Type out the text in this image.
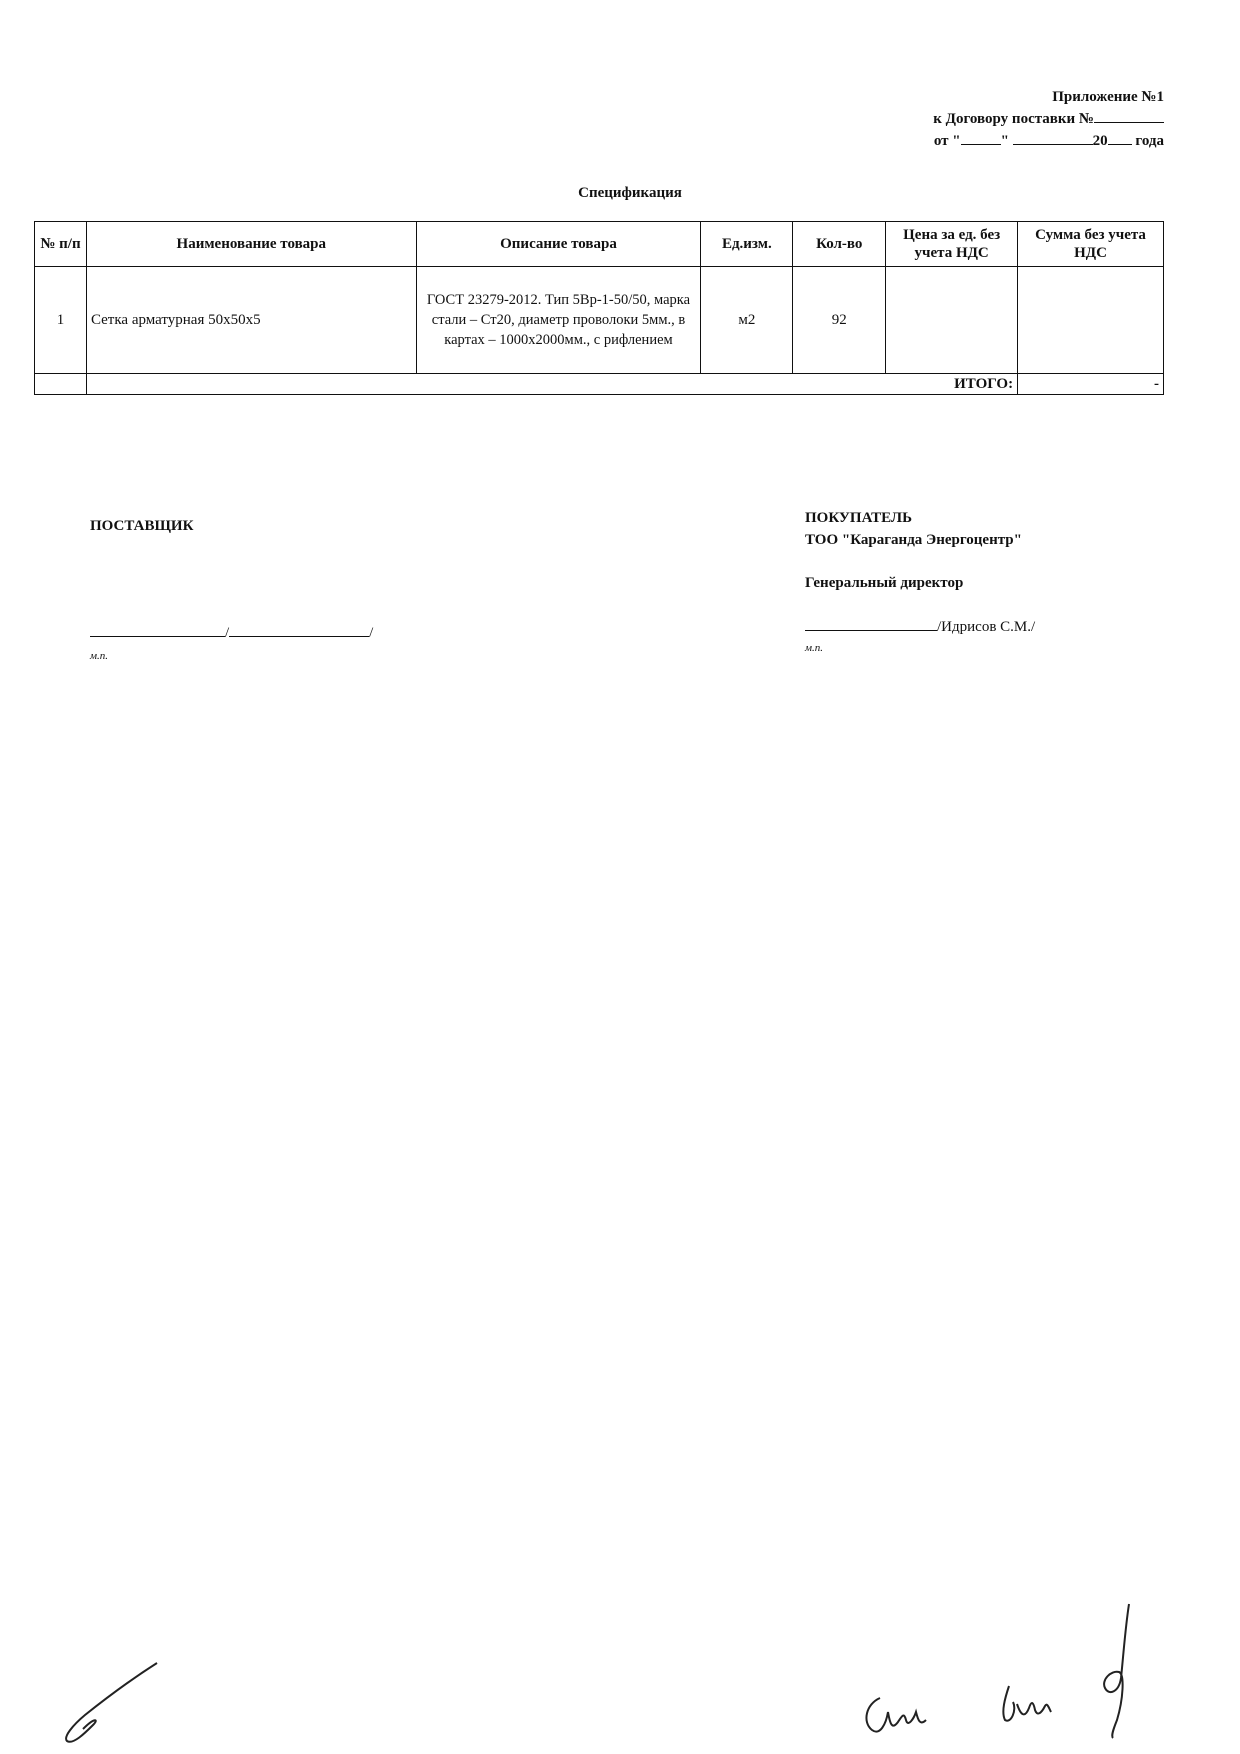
Приложение №1
к Договору поставки №
от "	"	20 года
Спецификация
№ п/п	Наименование товара	Описание товара	Ед.изм.	Кол-во	Цена за ед. без учета НДС	Сумма без учета НДС
1	Сетка арматурная 50х50х5	ГОСТ 23279-2012. Тип 5Вр-1-50/50, марка стали – Ст20, диаметр проволоки 5мм., в картах – 1000х2000мм., с рифлением	м2	92		
	ИТОГО:					-
ПОСТАВЩИК
/	/
м.п.
ПОКУПАТЕЛЬ
ТОО "Караганда Энергоцентр"
Генеральный директор
/Идрисов С.М./
м.п.
